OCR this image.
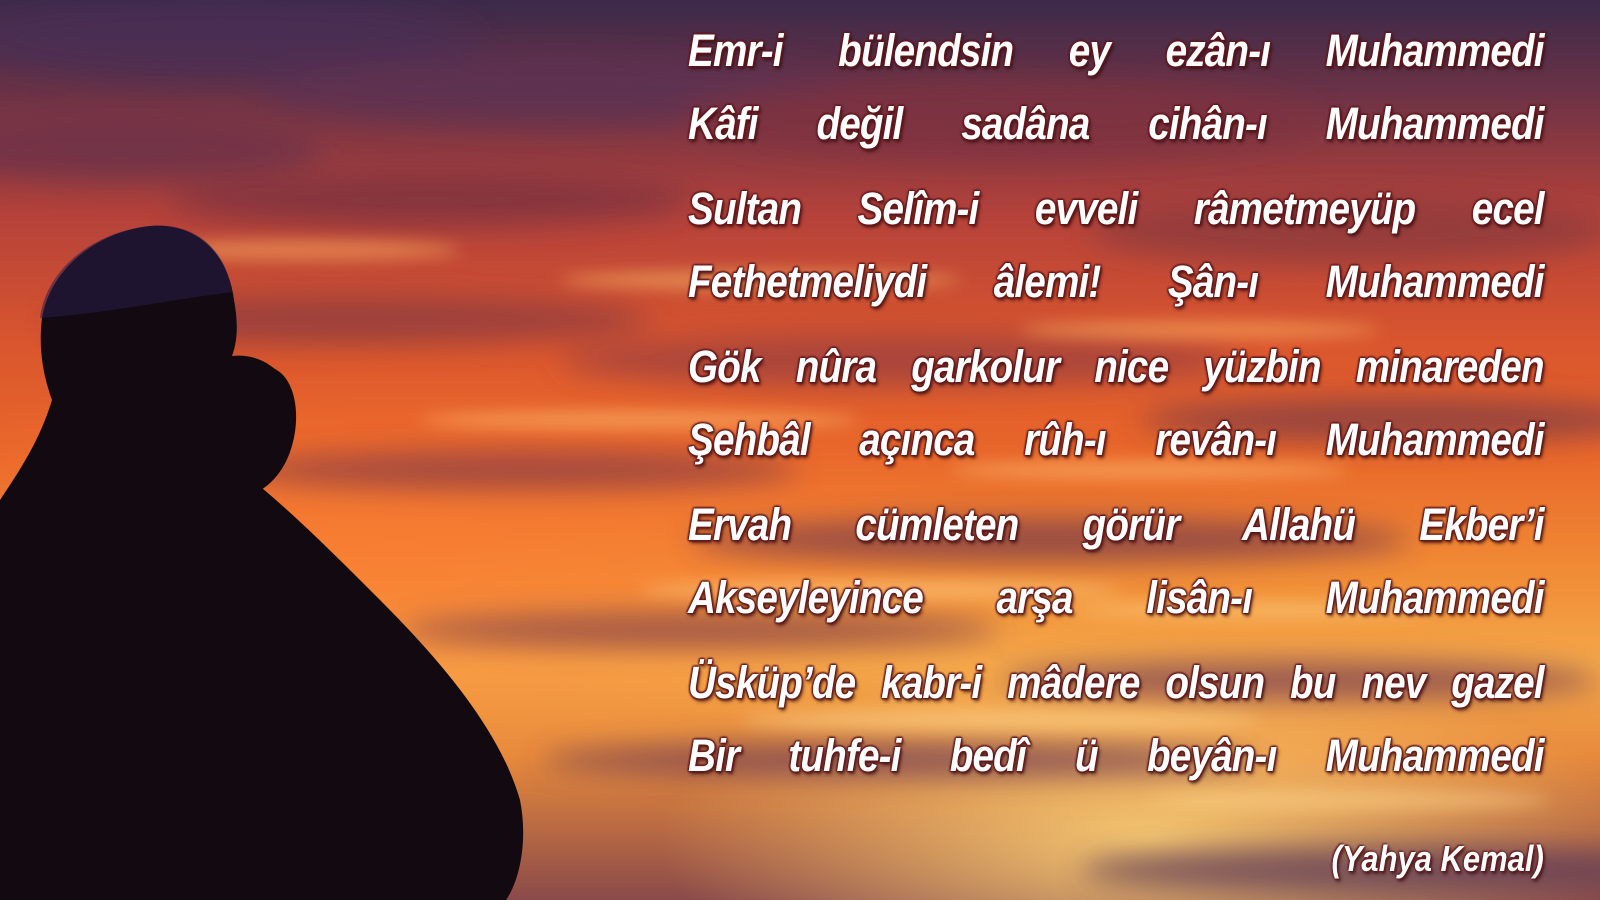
Emr-i bülendsin ey ezân-ı Muhammedi
Kâfi değil sadâna cihân-ı Muhammedi
Sultan Selîm-i evveli râmetmeyüp ecel
Fethetmeliydi âlemi! Şân-ı Muhammedi
Gök nûra garkolur nice yüzbin minareden
Şehbâl açınca rûh-ı revân-ı Muhammedi
Ervah cümleten görür Allahü Ekber’i
Akseyleyince arşa lisân-ı Muhammedi
Üsküp’de kabr-i mâdere olsun bu nev gazel
Bir tuhfe-i bedî ü beyân-ı Muhammedi
(Yahya Kemal)
